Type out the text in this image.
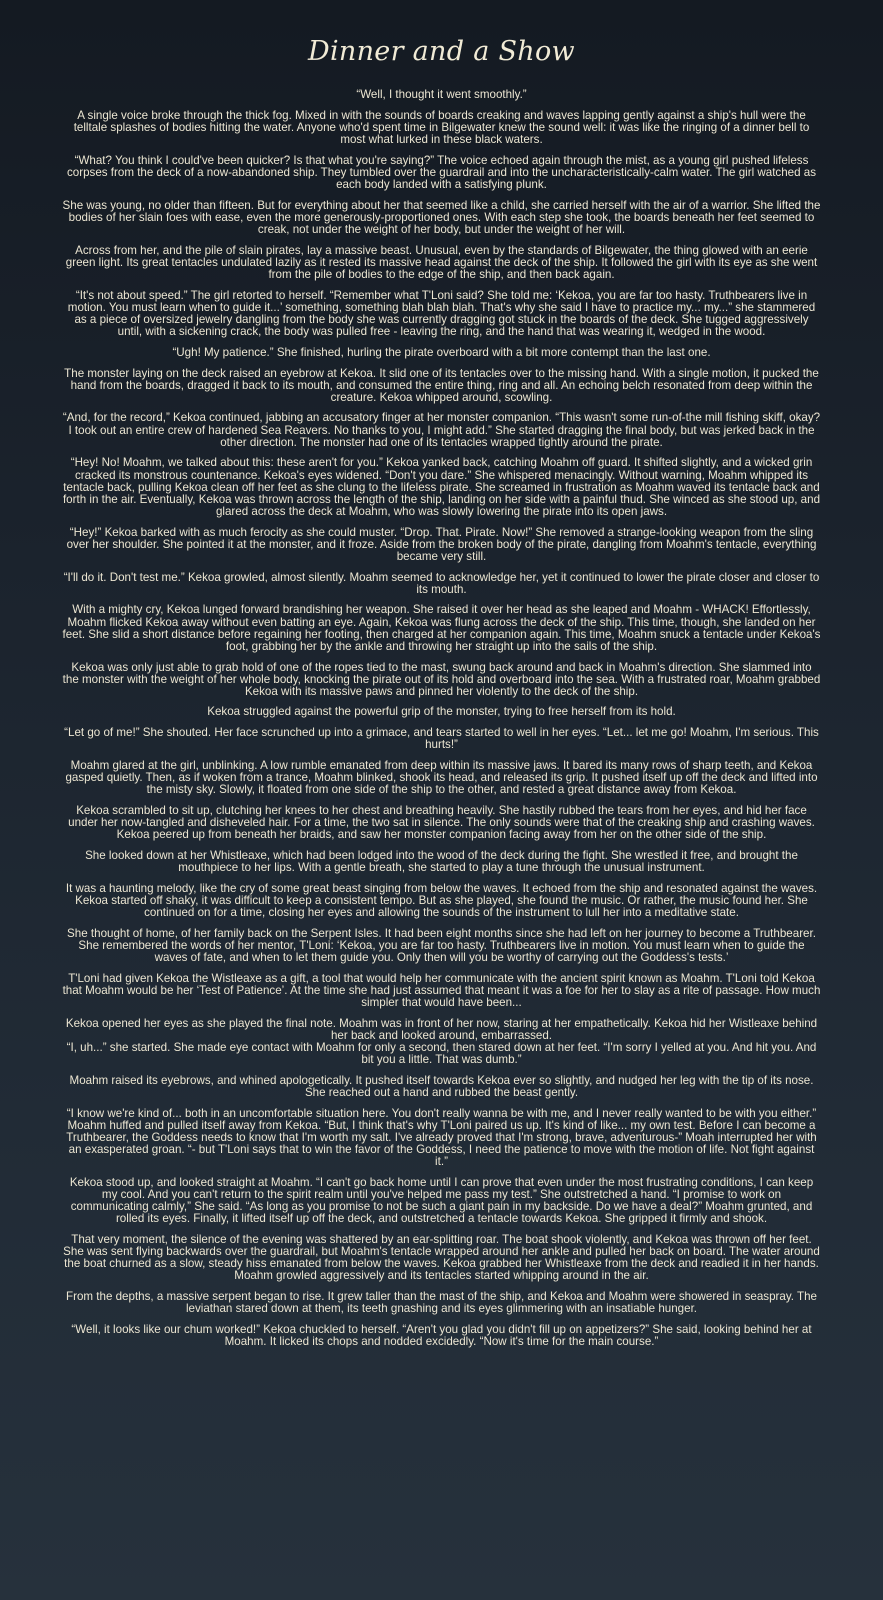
Dinner and a Show

“Well, I thought it went smoothly.”

A single voice broke through the thick fog. Mixed in with the sounds of boards creaking and waves lapping gently against a ship's hull were the telltale splashes of bodies hitting the water. Anyone who'd spent time in Bilgewater knew the sound well: it was like the ringing of a dinner bell to most what lurked in these black waters.

“What? You think I could've been quicker? Is that what you're saying?” The voice echoed again through the mist, as a young girl pushed lifeless corpses from the deck of a now-abandoned ship. They tumbled over the guardrail and into the uncharacteristically-calm water. The girl watched as each body landed with a satisfying plunk.

She was young, no older than fifteen. But for everything about her that seemed like a child, she carried herself with the air of a warrior. She lifted the bodies of her slain foes with ease, even the more generously-proportioned ones. With each step she took, the boards beneath her feet seemed to creak, not under the weight of her body, but under the weight of her will.

Across from her, and the pile of slain pirates, lay a massive beast. Unusual, even by the standards of Bilgewater, the thing glowed with an eerie green light. Its great tentacles undulated lazily as it rested its massive head against the deck of the ship. It followed the girl with its eye as she went from the pile of bodies to the edge of the ship, and then back again.

“It's not about speed.” The girl retorted to herself. “Remember what T'Loni said? She told me: ‘Kekoa, you are far too hasty. Truthbearers live in motion. You must learn when to guide it...’ something, something blah blah blah. That's why she said I have to practice my... my...” she stammered as a piece of oversized jewelry dangling from the body she was currently dragging got stuck in the boards of the deck. She tugged aggressively until, with a sickening crack, the body was pulled free - leaving the ring, and the hand that was wearing it, wedged in the wood.

“Ugh! My patience.” She finished, hurling the pirate overboard with a bit more contempt than the last one.

The monster laying on the deck raised an eyebrow at Kekoa. It slid one of its tentacles over to the missing hand. With a single motion, it pucked the hand from the boards, dragged it back to its mouth, and consumed the entire thing, ring and all. An echoing belch resonated from deep within the creature. Kekoa whipped around, scowling.

“And, for the record,” Kekoa continued, jabbing an accusatory finger at her monster companion. “This wasn't some run-of-the mill fishing skiff, okay? I took out an entire crew of hardened Sea Reavers. No thanks to you, I might add.” She started dragging the final body, but was jerked back in the other direction. The monster had one of its tentacles wrapped tightly around the pirate.

“Hey! No! Moahm, we talked about this: these aren't for you.” Kekoa yanked back, catching Moahm off guard. It shifted slightly, and a wicked grin cracked its monstrous countenance. Kekoa's eyes widened. “Don't you dare.” She whispered menacingly. Without warning, Moahm whipped its tentacle back, pulling Kekoa clean off her feet as she clung to the lifeless pirate. She screamed in frustration as Moahm waved its tentacle back and forth in the air. Eventually, Kekoa was thrown across the length of the ship, landing on her side with a painful thud. She winced as she stood up, and glared across the deck at Moahm, who was slowly lowering the pirate into its open jaws.

“Hey!” Kekoa barked with as much ferocity as she could muster. “Drop. That. Pirate. Now!” She removed a strange-looking weapon from the sling over her shoulder. She pointed it at the monster, and it froze. Aside from the broken body of the pirate, dangling from Moahm's tentacle, everything became very still.

“I'll do it. Don't test me.” Kekoa growled, almost silently. Moahm seemed to acknowledge her, yet it continued to lower the pirate closer and closer to its mouth.

With a mighty cry, Kekoa lunged forward brandishing her weapon. She raised it over her head as she leaped and Moahm - WHACK! Effortlessly, Moahm flicked Kekoa away without even batting an eye. Again, Kekoa was flung across the deck of the ship. This time, though, she landed on her feet. She slid a short distance before regaining her footing, then charged at her companion again. This time, Moahm snuck a tentacle under Kekoa's foot, grabbing her by the ankle and throwing her straight up into the sails of the ship.

Kekoa was only just able to grab hold of one of the ropes tied to the mast, swung back around and back in Moahm's direction. She slammed into the monster with the weight of her whole body, knocking the pirate out of its hold and overboard into the sea. With a frustrated roar, Moahm grabbed Kekoa with its massive paws and pinned her violently to the deck of the ship.

Kekoa struggled against the powerful grip of the monster, trying to free herself from its hold.

“Let go of me!” She shouted. Her face scrunched up into a grimace, and tears started to well in her eyes. “Let... let me go! Moahm, I'm serious. This hurts!”

Moahm glared at the girl, unblinking. A low rumble emanated from deep within its massive jaws. It bared its many rows of sharp teeth, and Kekoa gasped quietly. Then, as if woken from a trance, Moahm blinked, shook its head, and released its grip. It pushed itself up off the deck and lifted into the misty sky. Slowly, it floated from one side of the ship to the other, and rested a great distance away from Kekoa.

Kekoa scrambled to sit up, clutching her knees to her chest and breathing heavily. She hastily rubbed the tears from her eyes, and hid her face under her now-tangled and disheveled hair. For a time, the two sat in silence. The only sounds were that of the creaking ship and crashing waves. Kekoa peered up from beneath her braids, and saw her monster companion facing away from her on the other side of the ship.

She looked down at her Whistleaxe, which had been lodged into the wood of the deck during the fight. She wrestled it free, and brought the mouthpiece to her lips. With a gentle breath, she started to play a tune through the unusual instrument.

It was a haunting melody, like the cry of some great beast singing from below the waves. It echoed from the ship and resonated against the waves. Kekoa started off shaky, it was difficult to keep a consistent tempo. But as she played, she found the music. Or rather, the music found her. She continued on for a time, closing her eyes and allowing the sounds of the instrument to lull her into a meditative state.

She thought of home, of her family back on the Serpent Isles. It had been eight months since she had left on her journey to become a Truthbearer. She remembered the words of her mentor, T'Loni: ‘Kekoa, you are far too hasty. Truthbearers live in motion. You must learn when to guide the waves of fate, and when to let them guide you. Only then will you be worthy of carrying out the Goddess's tests.’

T'Loni had given Kekoa the Wistleaxe as a gift, a tool that would help her communicate with the ancient spirit known as Moahm. T'Loni told Kekoa that Moahm would be her ‘Test of Patience’. At the time she had just assumed that meant it was a foe for her to slay as a rite of passage. How much simpler that would have been...

Kekoa opened her eyes as she played the final note. Moahm was in front of her now, staring at her empathetically. Kekoa hid her Wistleaxe behind her back and looked around, embarrassed.
“I, uh...” she started. She made eye contact with Moahm for only a second, then stared down at her feet. “I'm sorry I yelled at you. And hit you. And bit you a little. That was dumb.”

Moahm raised its eyebrows, and whined apologetically. It pushed itself towards Kekoa ever so slightly, and nudged her leg with the tip of its nose. She reached out a hand and rubbed the beast gently.

“I know we're kind of... both in an uncomfortable situation here. You don't really wanna be with me, and I never really wanted to be with you either.” Moahm huffed and pulled itself away from Kekoa. “But, I think that's why T'Loni paired us up. It's kind of like... my own test. Before I can become a Truthbearer, the Goddess needs to know that I'm worth my salt. I've already proved that I'm strong, brave, adventurous-” Moah interrupted her with an exasperated groan. “- but T'Loni says that to win the favor of the Goddess, I need the patience to move with the motion of life. Not fight against it.”

Kekoa stood up, and looked straight at Moahm. “I can't go back home until I can prove that even under the most frustrating conditions, I can keep my cool. And you can't return to the spirit realm until you've helped me pass my test.” She outstretched a hand. “I promise to work on communicating calmly,” She said. “As long as you promise to not be such a giant pain in my backside. Do we have a deal?” Moahm grunted, and rolled its eyes. Finally, it lifted itself up off the deck, and outstretched a tentacle towards Kekoa. She gripped it firmly and shook.

That very moment, the silence of the evening was shattered by an ear-splitting roar. The boat shook violently, and Kekoa was thrown off her feet. She was sent flying backwards over the guardrail, but Moahm's tentacle wrapped around her ankle and pulled her back on board. The water around the boat churned as a slow, steady hiss emanated from below the waves. Kekoa grabbed her Whistleaxe from the deck and readied it in her hands. Moahm growled aggressively and its tentacles started whipping around in the air.

From the depths, a massive serpent began to rise. It grew taller than the mast of the ship, and Kekoa and Moahm were showered in seaspray. The leviathan stared down at them, its teeth gnashing and its eyes glimmering with an insatiable hunger.

“Well, it looks like our chum worked!” Kekoa chuckled to herself. “Aren't you glad you didn't fill up on appetizers?” She said, looking behind her at Moahm. It licked its chops and nodded excidedly. “Now it's time for the main course.”
